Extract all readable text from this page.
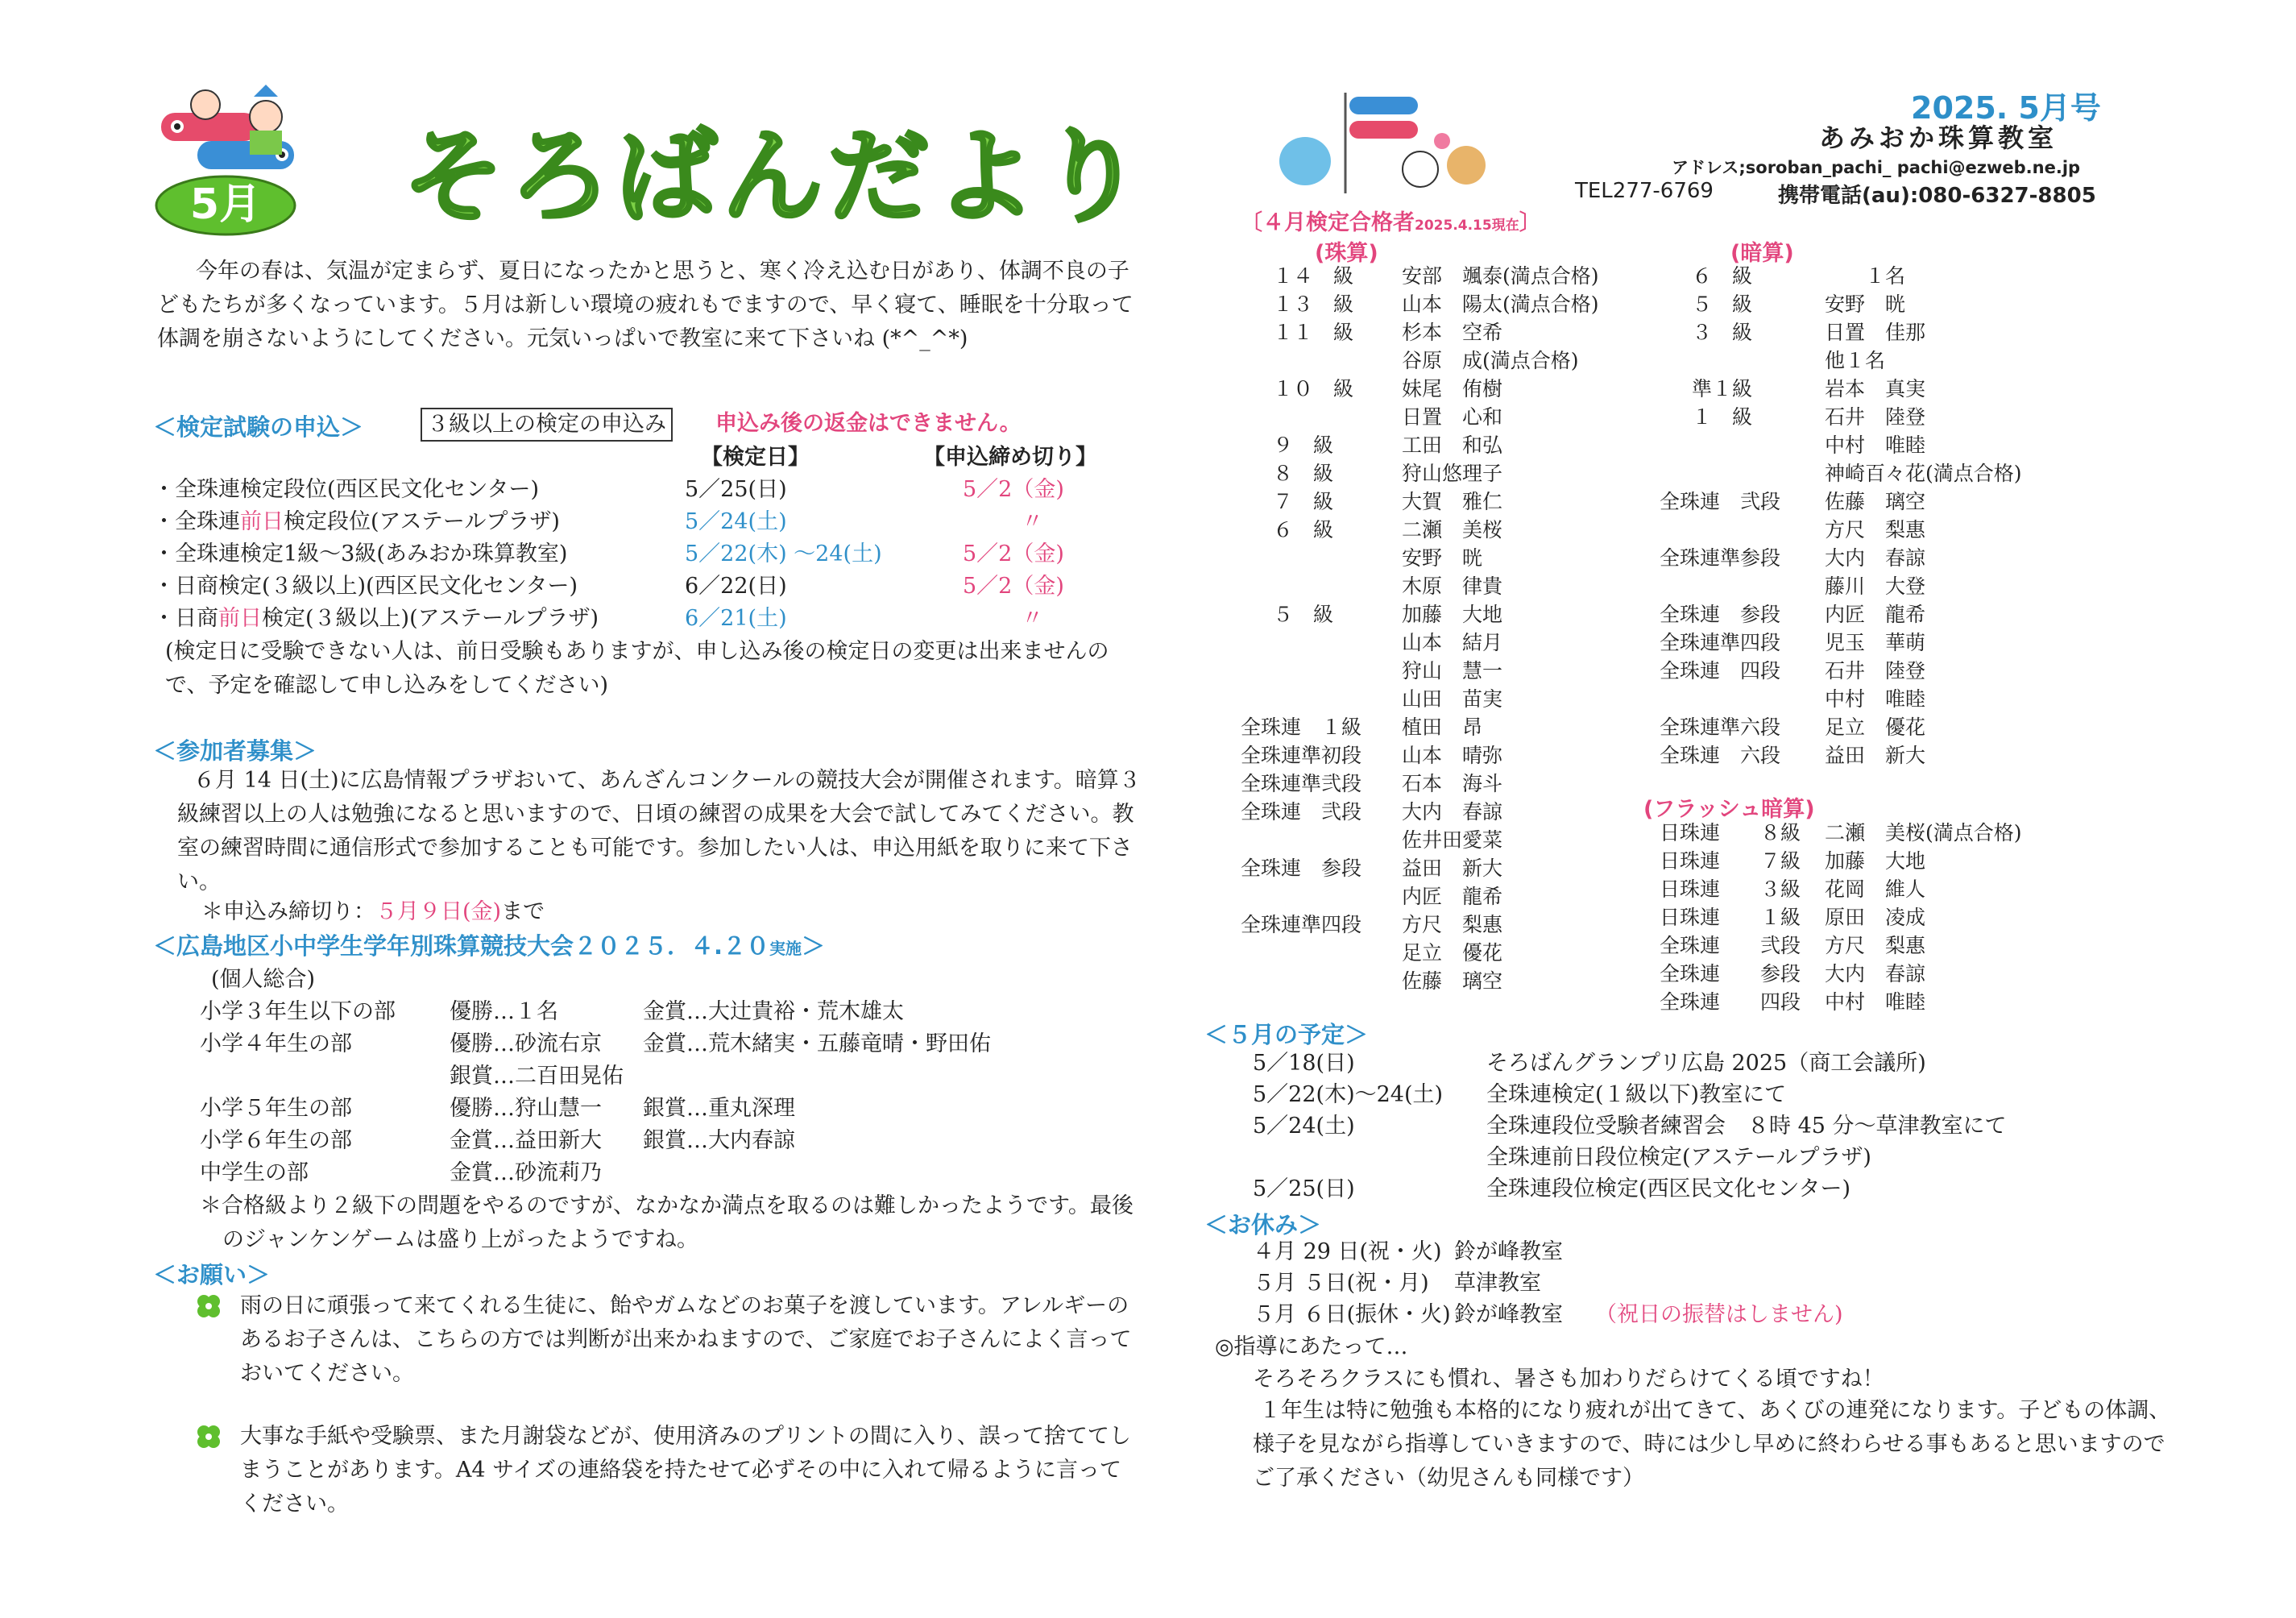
5月	そろばんだより
今年の春は、気温が定まらず、夏日になったかと思うと、寒く冷え込む日があり、体調不良の子どもたちが多くなっています。５月は新しい環境の疲れもでますので、早く寝て、睡眠を十分取って体調を崩さないようにしてください。元気いっぱいで教室に来て下さいね (*^_^*)
＜検定試験の申込＞	３級以上の検定の申込み 申込み後の返金はできません。
【検定日】	【申込締め切り】
・全珠連検定段位(西区民文化センター)	5／25(日)	5／2（金)
・全珠連前日検定段位(アステールプラザ)	5／24(土)	〃
・全珠連検定1級～3級(あみおか珠算教室)	5／22(木) ～24(土)	5／2（金)
・日商検定(３級以上)(西区民文化センター)	6／22(日)	5／2（金)
・日商前日検定(３級以上)(アステールプラザ)	6／21(土)	〃
(検定日に受験できない人は、前日受験もありますが、申し込み後の検定日の変更は出来ませんので、予定を確認して申し込みをしてください)
＜参加者募集＞
６月 14 日(土)に広島情報プラザおいて、あんざんコンクールの競技大会が開催されます。暗算３級練習以上の人は勉強になると思いますので、日頃の練習の成果を大会で試してみてください。教室の練習時間に通信形式で参加することも可能です。参加したい人は、申込用紙を取りに来て下さい。
＊申込み締切り：５月９日(金)まで
＜広島地区小中学生学年別珠算競技大会２０２５．４.２０実施＞
(個人総合)
小学３年生以下の部 優勝…１名	金賞…大辻貴裕・荒木雄太
小学４年生の部	優勝…砂流右京 金賞…荒木緒実・五藤竜晴・野田佑
銀賞…二百田晃佑
小学５年生の部	優勝…狩山慧一 銀賞…重丸深理
小学６年生の部	金賞…益田新大 銀賞…大内春諒
中学生の部	金賞…砂流莉乃
＊合格級より２級下の問題をやるのですが、なかなか満点を取るのは難しかったようです。最後のジャンケンゲームは盛り上がったようですね。
＜お願い＞
雨の日に頑張って来てくれる生徒に、飴やガムなどのお菓子を渡しています。アレルギーのあるお子さんは、こちらの方では判断が出来かねますので、ご家庭でお子さんによく言っておいてください。
大事な手紙や受験票、また月謝袋などが、使用済みのプリントの間に入り、誤って捨ててしまうことがあります。A4 サイズの連絡袋を持たせて必ずその中に入れて帰るように言ってください。
2025. 5月号
あみおか珠算教室
アドレス;soroban_pachi_ pachi@ezweb.ne.jp
TEL277-6769	携帯電話(au):080-6327-8805
〔４月検定合格者2025.4.15現在〕
(珠算)	(暗算)
１４　級 安部　颯泰(満点合格)
１３　級 山本　陽太(満点合格)
１１　級 杉本　空希
谷原　成(満点合格)
１０　級 妹尾　侑樹
日置　心和
９　級	工田　和弘
８　級	狩山悠理子
７　級	大賀　雅仁
６　級	二瀬　美桜
安野　晄
木原　律貴
５　級	加藤　大地
山本　結月
狩山　慧一
山田　苗実
全珠連　１級 植田　昂
全珠連準初段 山本　晴弥
全珠連準弐段 石本　海斗
全珠連　弐段 大内　春諒
佐井田愛菜
全珠連　参段 益田　新大
内匠　龍希
全珠連準四段 方尺　梨惠
足立　優花
佐藤　璃空
６　級	　　１名
５　級	安野　晄
３　級	日置　佳那
他１名
準１級	岩本　真実
１　級	石井　陸登
中村　唯睦
神崎百々花(満点合格)
全珠連　弐段 佐藤　璃空
方尺　梨惠
全珠連準参段 大内　春諒
藤川　大登
全珠連　参段 内匠　龍希
全珠連準四段 児玉　華萌
全珠連　四段 石井　陸登
中村　唯睦
全珠連準六段 足立　優花
全珠連　六段 益田　新大
(フラッシュ暗算)
日珠連 ８級 二瀬　美桜(満点合格)
日珠連 ７級 加藤　大地
日珠連 ３級 花岡　維人
日珠連 １級 原田　凌成
全珠連 弐段 方尺　梨惠
全珠連 参段 大内　春諒
全珠連 四段 中村　唯睦
＜５月の予定＞
5／18(日)	そろばんグランプリ広島 2025（商工会議所)
5／22(木)～24(土) 全珠連検定(１級以下)教室にて
5／24(土)	全珠連段位受験者練習会　８時 45 分～草津教室にて
全珠連前日段位検定(アステールプラザ)
5／25(日)	全珠連段位検定(西区民文化センター)
＜お休み＞
４月 29 日(祝・火) 鈴が峰教室
５月 ５日(祝・月) 草津教室
５月 ６日(振休・火) 鈴が峰教室 （祝日の振替はしません)
◎指導にあたって…
そろそろクラスにも慣れ、暑さも加わりだらけてくる頃ですね！
１年生は特に勉強も本格的になり疲れが出てきて、あくびの連発になります。子どもの体調、様子を見ながら指導していきますので、時には少し早めに終わらせる事もあると思いますのでご了承ください（幼児さんも同様です）
